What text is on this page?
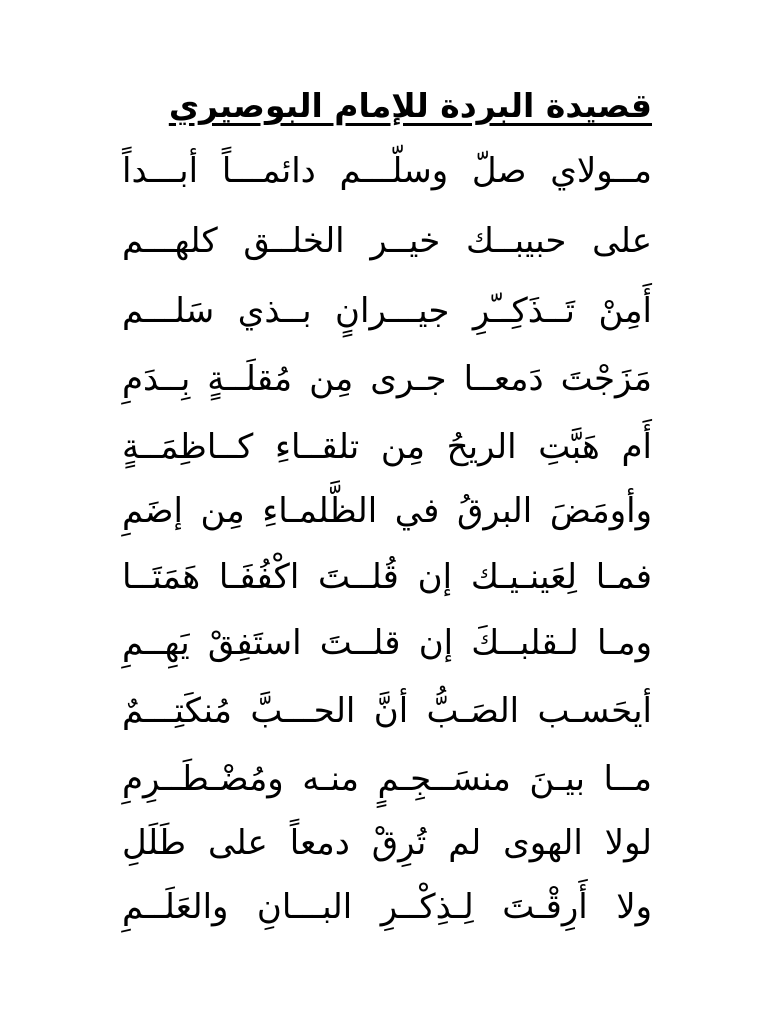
قصيدة البردة للإمام البوصيري
مــولاي صلّ وسلّـــم دائمـــاً أبـــداً
على حبيبــك خيــر الخلــق كلهـــم
أَمِنْ تَــذَكِــّرِ جيـــرانٍ بــذي سَلـــم
مَزَجْتَ دَمعــا جـرى مِن مُقلَــةٍ بِــدَمِ
أَم هَبَّتِ الريحُ مِن تلقــاءِ كــاظِمَــةٍ
وأومَضَ البرقُ في الظَّلمـاءِ مِن إضَمِ
فمـا لِعَينـيـك إن قُلــتَ اكْفُفَـا هَمَتَــا
ومـا لـقلبــكَ إن قلــتَ استَفِقْ يَهِــمِ
أيحَسـب الصَـبُّ أنَّ الحـــبَّ مُنكَتِـــمٌ
مــا بيـنَ منسَــجِـمٍ منـه ومُضْـطَــرِمِ
لولا الهوى لم تُرِقْ دمعاً على طَلَلِ
ولا أَرِقْـتَ لِـذِكْــرِ البـــانِ والعَلَــمِ
